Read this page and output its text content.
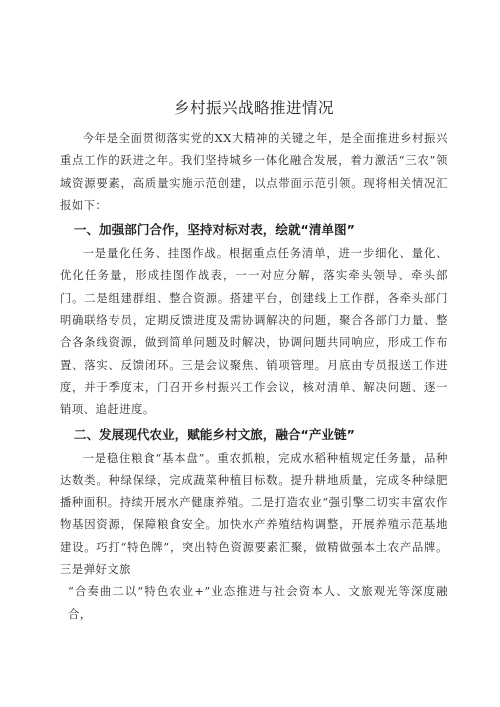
乡村振兴战略推进情况

今年是全面贯彻落实党的XX大精神的关键之年，是全面推进乡村振兴重点工作的跃进之年。我们坚持城乡一体化融合发展，着力激活“三农”领域资源要素，高质量实施示范创建，以点带面示范引领。现将相关情况汇报如下：

一、加强部门合作，坚持对标对表，绘就“清单图”

一是量化任务、挂图作战。根据重点任务清单，进一步细化、量化、优化任务量，形成挂图作战表，一一对应分解，落实牵头领导、牵头部门。二是组建群组、整合资源。搭建平台，创建线上工作群，各牵头部门明确联络专员，定期反馈进度及需协调解决的问题，聚合各部门力量、整合各条线资源，做到简单问题及时解决，协调问题共同响应，形成工作布置、落实、反馈闭环。三是会议聚焦、销项管理。月底由专员报送工作进度，并于季度末，门召开乡村振兴工作会议，核对清单、解决问题、逐一销项、追赶进度。

二、发展现代农业，赋能乡村文旅，融合“产业链”

一是稳住粮食“基本盘”。重农抓粮，完成水稻种植规定任务量，品种达数类。种绿保绿，完成蔬菜种植目标数。提升耕地质量，完成冬种绿肥播种面积。持续开展水产健康养殖。二是打造农业“强引擎二切实丰富农作物基因资源，保障粮食安全。加快水产养殖结构调整，开展养殖示范基地建设。巧打“特色牌”，突出特色资源要素汇聚，做精做强本土农产品牌。三是弹好文旅

“合奏曲二以“特色农业+”业态推进与社会资本人、文旅观光等深度融合，
